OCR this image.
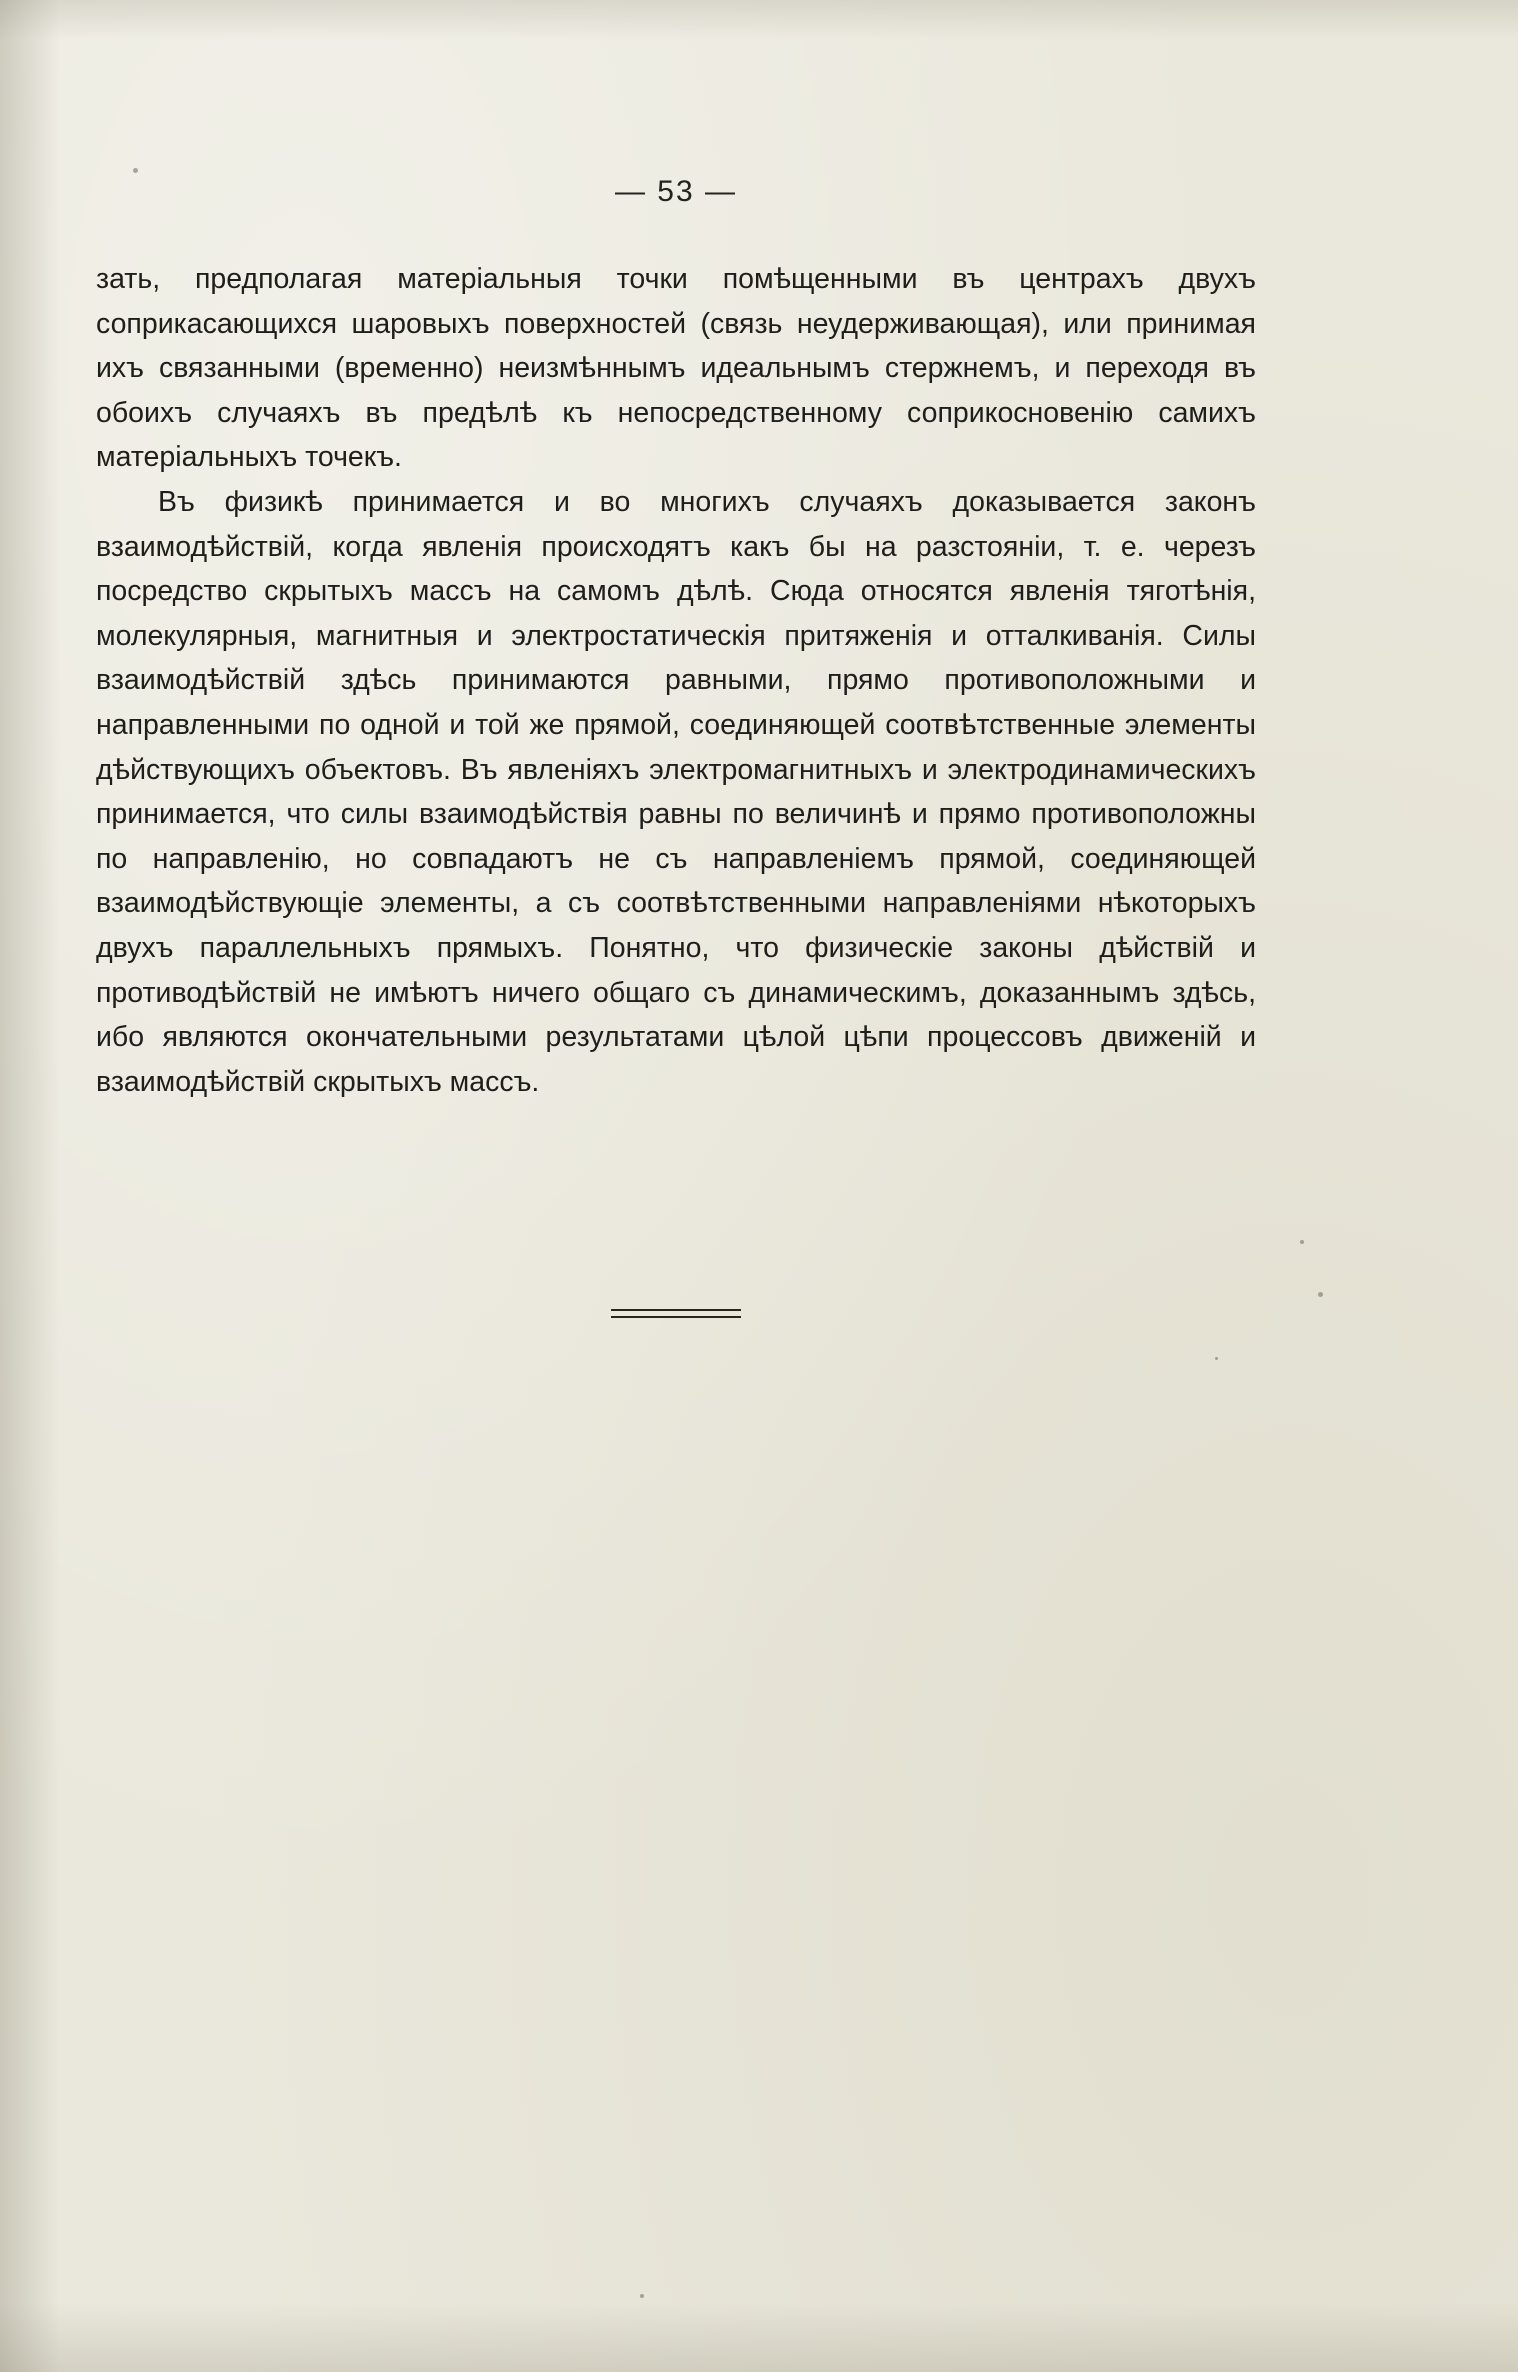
— 53 —

зать, предполагая матеріальныя точки помѣщенными въ центрахъ двухъ соприкасающихся шаровыхъ поверхностей (связь неудерживающая), или принимая ихъ связанными (временно) неизмѣннымъ идеальнымъ стержнемъ, и переходя въ обоихъ случаяхъ въ предѣлѣ къ непосредственному соприкосновенію самихъ матеріальныхъ точекъ.

Въ физикѣ принимается и во многихъ случаяхъ доказывается законъ взаимодѣйствій, когда явленія происходятъ какъ бы на разстояніи, т. е. черезъ посредство скрытыхъ массъ на самомъ дѣлѣ. Сюда относятся явленія тяготѣнія, молекулярныя, магнитныя и электростатическія притяженія и отталкиванія. Силы взаимодѣйствій здѣсь принимаются равными, прямо противоположными и направленными по одной и той же прямой, соединяющей соотвѣтственные элементы дѣйствующихъ объектовъ. Въ явленіяхъ электромагнитныхъ и электродинамическихъ принимается, что силы взаимодѣйствія равны по величинѣ и прямо противоположны по направленію, но совпадаютъ не съ направленіемъ прямой, соединяющей взаимодѣйствующіе элементы, а съ соотвѣтственными направленіями нѣкоторыхъ двухъ параллельныхъ прямыхъ. Понятно, что физическіе законы дѣйствій и противодѣйствій не имѣютъ ничего общаго съ динамическимъ, доказаннымъ здѣсь, ибо являются окончательными результатами цѣлой цѣпи процессовъ движеній и взаимодѣйствій скрытыхъ массъ.
